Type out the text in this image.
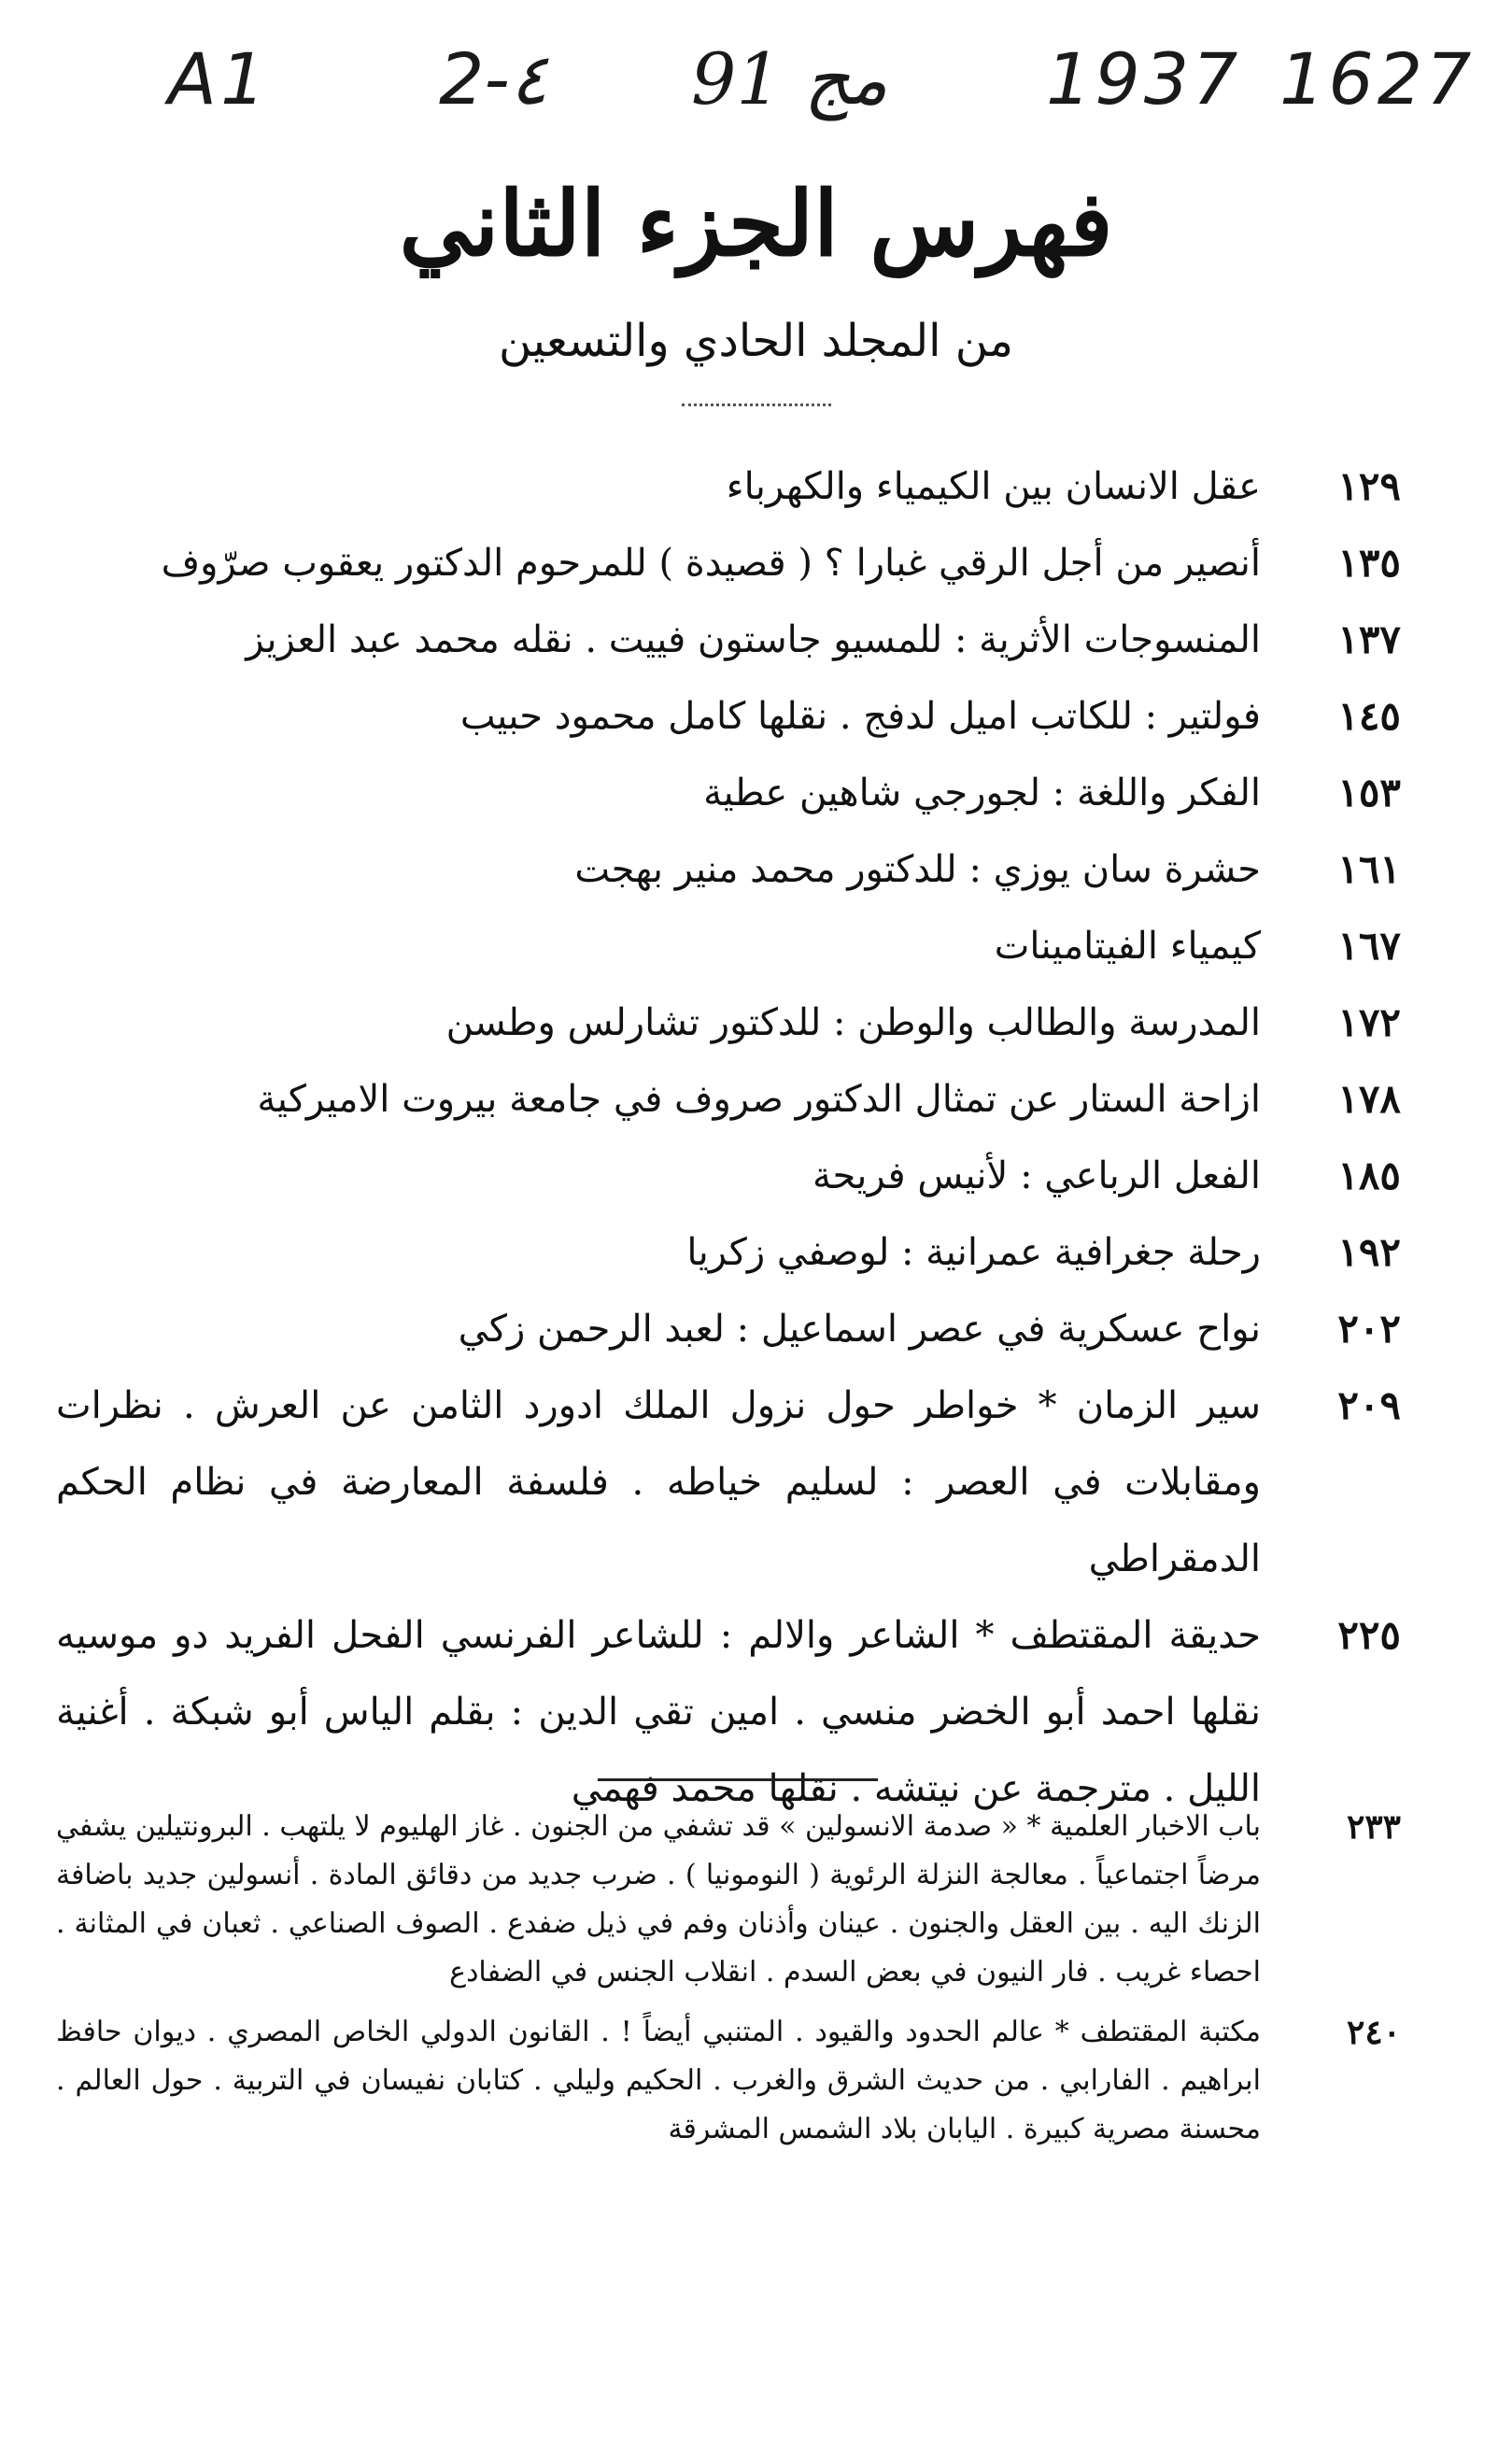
A1 2-٤ 91 مج 1937 1627
فهرس الجزء الثاني
من المجلد الحادي والتسعين
١٢٩
عقل الانسان بين الكيمياء والكهرباء
١٣٥
أنصير من أجل الرقي غبارا ؟ ( قصيدة ) للمرحوم الدكتور يعقوب صرّوف
١٣٧
المنسوجات الأثرية : للمسيو جاستون فييت . نقله محمد عبد العزيز
١٤٥
فولتير : للكاتب اميل لدفج . نقلها كامل محمود حبيب
١٥٣
الفكر واللغة : لجورجي شاهين عطية
١٦١
حشرة سان يوزي : للدكتور محمد منير بهجت
١٦٧
كيمياء الفيتامينات
١٧٢
المدرسة والطالب والوطن : للدكتور تشارلس وطسن
١٧٨
ازاحة الستار عن تمثال الدكتور صروف في جامعة بيروت الاميركية
١٨٥
الفعل الرباعي : لأنيس فريحة
١٩٢
رحلة جغرافية عمرانية : لوصفي زكريا
٢٠٢
نواح عسكرية في عصر اسماعيل : لعبد الرحمن زكي
٢٠٩
سير الزمان * خواطر حول نزول الملك ادورد الثامن عن العرش . نظرات ومقابلات في العصر : لسليم خياطه . فلسفة المعارضة في نظام الحكم الدمقراطي
٢٢٥
حديقة المقتطف * الشاعر والالم : للشاعر الفرنسي الفحل الفريد دو موسيه نقلها احمد أبو الخضر منسي . امين تقي الدين : بقلم الياس أبو شبكة . أغنية الليل . مترجمة عن نيتشه . نقلها محمد فهمي
٢٣٣
باب الاخبار العلمية * « صدمة الانسولين » قد تشفي من الجنون . غاز الهليوم لا يلتهب . البرونتيلين يشفي مرضاً اجتماعياً . معالجة النزلة الرئوية ( النومونيا ) . ضرب جديد من دقائق المادة . أنسولين جديد باضافة الزنك اليه . بين العقل والجنون . عينان وأذنان وفم في ذيل ضفدع . الصوف الصناعي . ثعبان في المثانة . احصاء غريب . فار النيون في بعض السدم . انقلاب الجنس في الضفادع
٢٤٠
مكتبة المقتطف * عالم الحدود والقيود . المتنبي أيضاً ! . القانون الدولي الخاص المصري . ديوان حافظ ابراهيم . الفارابي . من حديث الشرق والغرب . الحكيم وليلي . كتابان نفيسان في التربية . حول العالم . محسنة مصرية كبيرة . اليابان بلاد الشمس المشرقة
